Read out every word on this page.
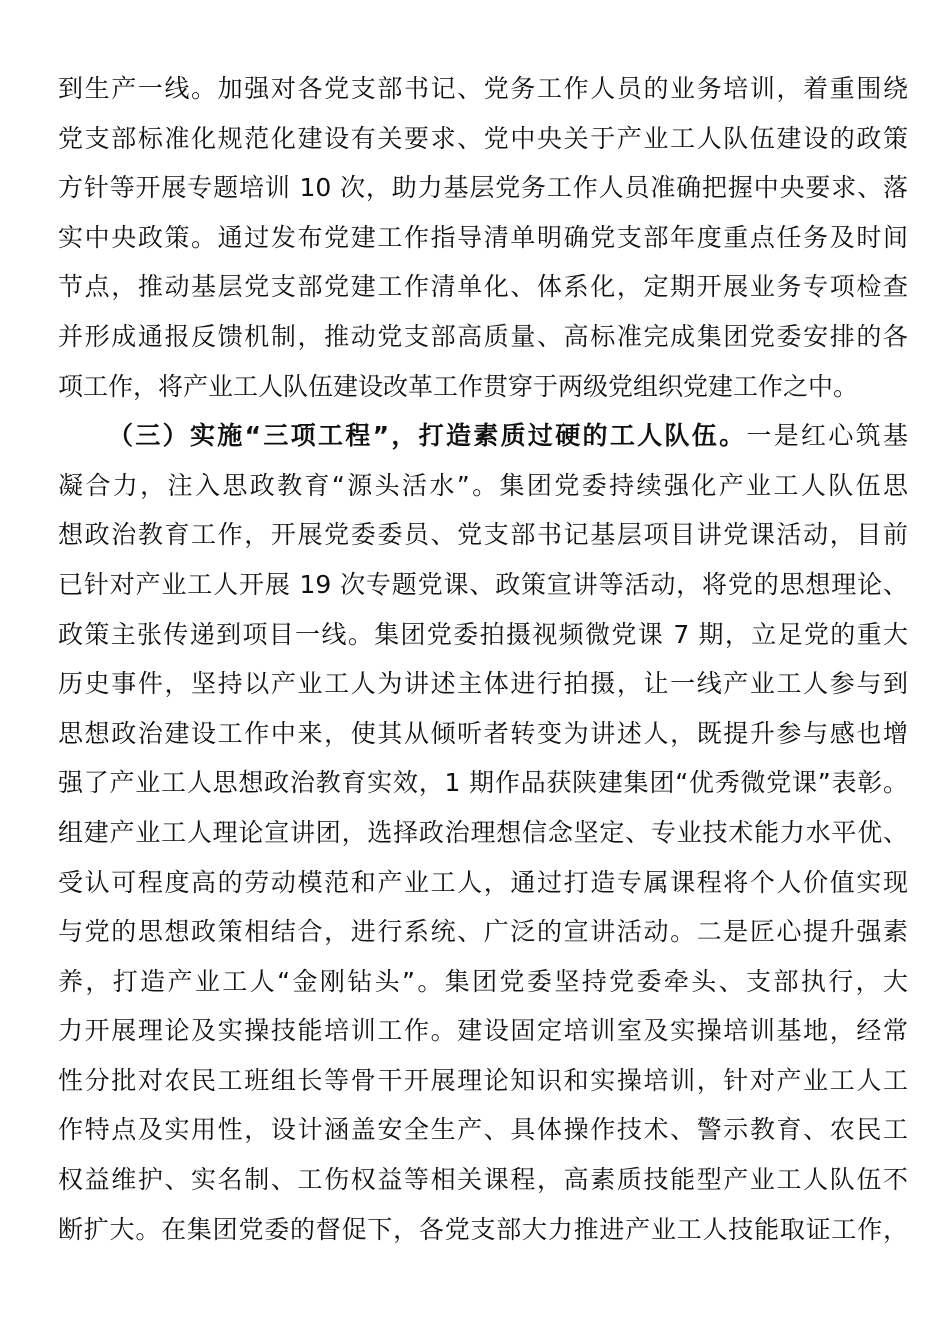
到生产一线。加强对各党支部书记、党务工作人员的业务培训，着重围绕
党支部标准化规范化建设有关要求、党中央关于产业工人队伍建设的政策
方针等开展专题培训 10 次，助力基层党务工作人员准确把握中央要求、落
实中央政策。通过发布党建工作指导清单明确党支部年度重点任务及时间
节点，推动基层党支部党建工作清单化、体系化，定期开展业务专项检查
并形成通报反馈机制，推动党支部高质量、高标准完成集团党委安排的各
项工作，将产业工人队伍建设改革工作贯穿于两级党组织党建工作之中。
（三）实施“三项工程”，打造素质过硬的工人队伍。一是红心筑基
凝合力，注入思政教育“源头活水”。集团党委持续强化产业工人队伍思
想政治教育工作，开展党委委员、党支部书记基层项目讲党课活动，目前
已针对产业工人开展 19 次专题党课、政策宣讲等活动，将党的思想理论、
政策主张传递到项目一线。集团党委拍摄视频微党课 7 期，立足党的重大
历史事件，坚持以产业工人为讲述主体进行拍摄，让一线产业工人参与到
思想政治建设工作中来，使其从倾听者转变为讲述人，既提升参与感也增
强了产业工人思想政治教育实效，1 期作品获陕建集团“优秀微党课”表彰。
组建产业工人理论宣讲团，选择政治理想信念坚定、专业技术能力水平优、
受认可程度高的劳动模范和产业工人，通过打造专属课程将个人价值实现
与党的思想政策相结合，进行系统、广泛的宣讲活动。二是匠心提升强素
养，打造产业工人“金刚钻头”。集团党委坚持党委牵头、支部执行，大
力开展理论及实操技能培训工作。建设固定培训室及实操培训基地，经常
性分批对农民工班组长等骨干开展理论知识和实操培训，针对产业工人工
作特点及实用性，设计涵盖安全生产、具体操作技术、警示教育、农民工
权益维护、实名制、工伤权益等相关课程，高素质技能型产业工人队伍不
断扩大。在集团党委的督促下，各党支部大力推进产业工人技能取证工作，
